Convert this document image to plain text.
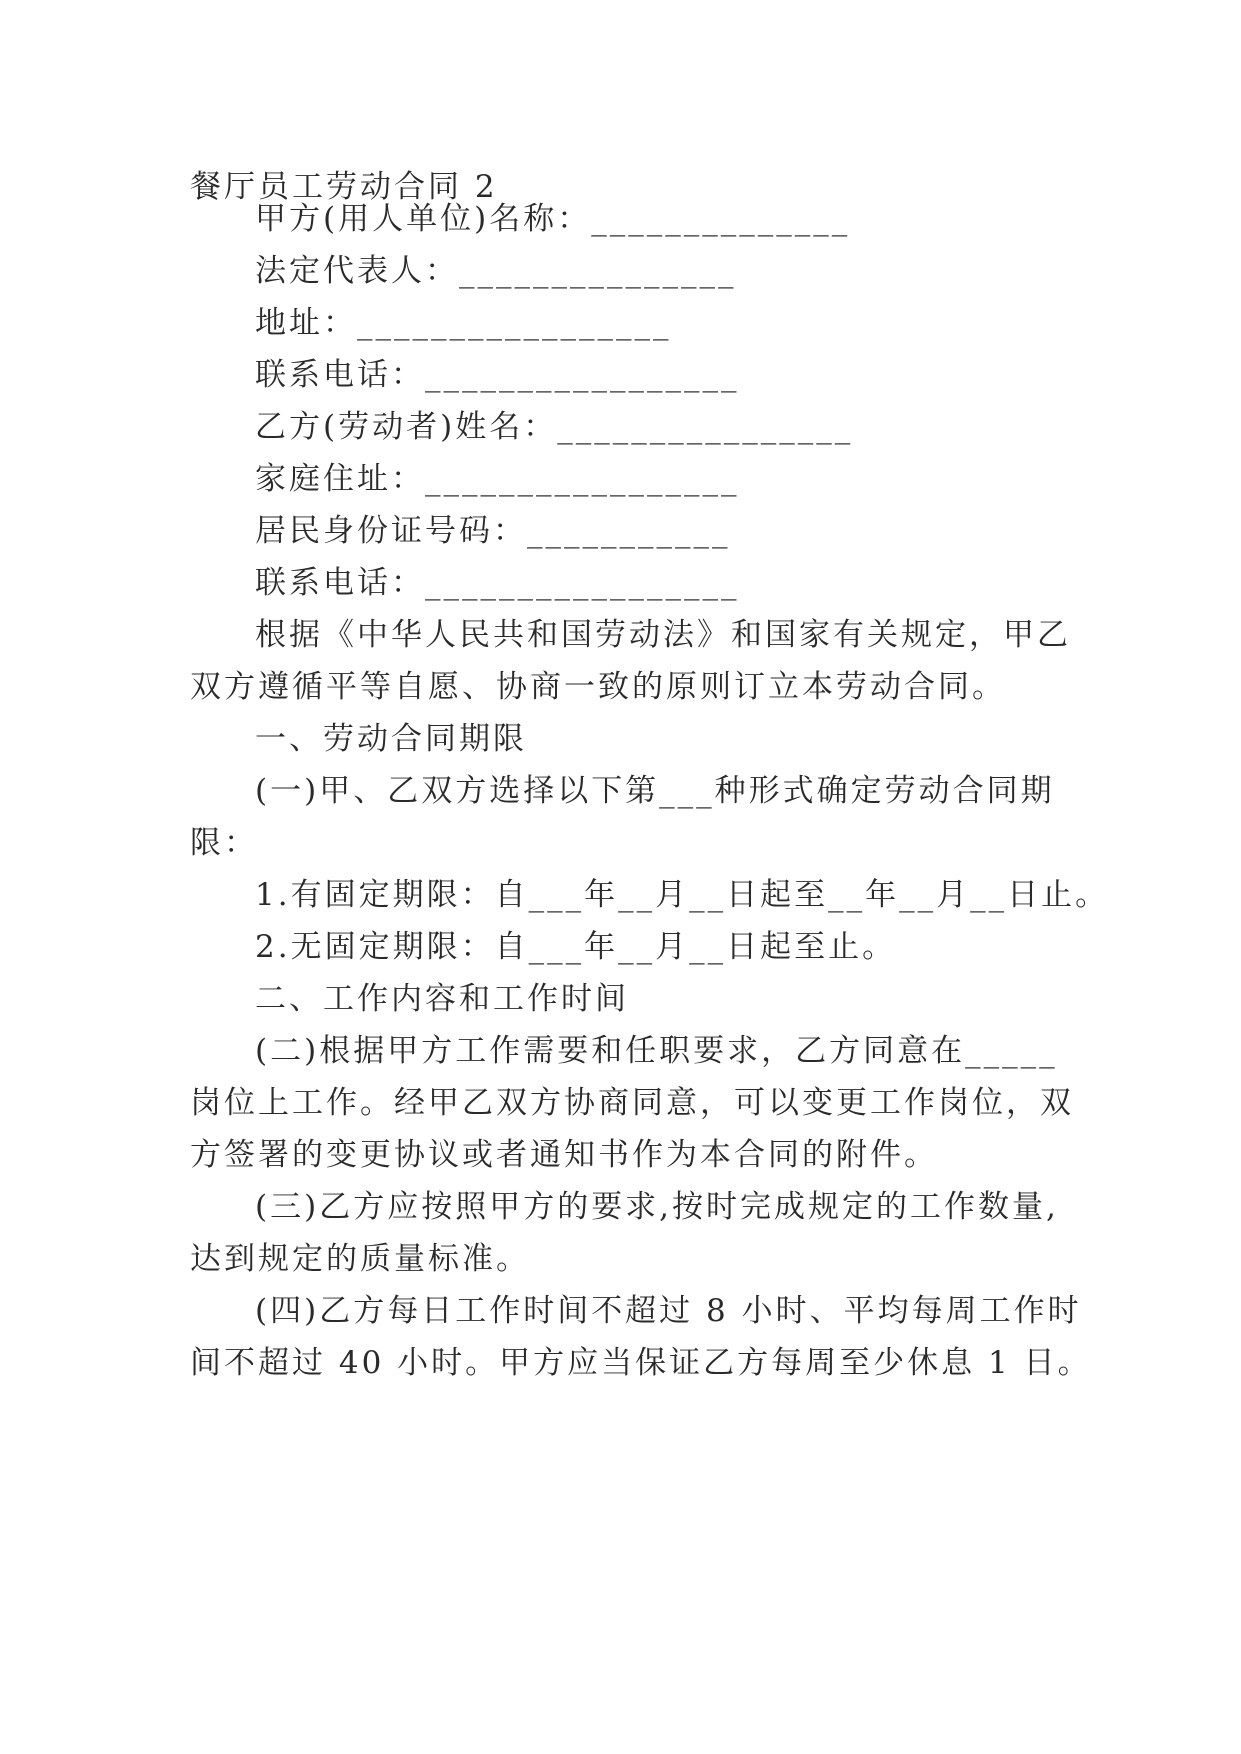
餐厅员工劳动合同 2
甲方(用人单位)名称：______________
法定代表人：_______________
地址：_________________
联系电话：_________________
乙方(劳动者)姓名：________________
家庭住址：_________________
居民身份证号码：___________
联系电话：_________________
根据《中华人民共和国劳动法》和国家有关规定，甲乙
双方遵循平等自愿、协商一致的原则订立本劳动合同。
一、劳动合同期限
(一)甲、乙双方选择以下第___种形式确定劳动合同期
限：
1.有固定期限：自___年__月__日起至__年__月__日止。
2.无固定期限：自___年__月__日起至止。
二、工作内容和工作时间
(二)根据甲方工作需要和任职要求，乙方同意在_____
岗位上工作。经甲乙双方协商同意，可以变更工作岗位，双
方签署的变更协议或者通知书作为本合同的附件。
(三)乙方应按照甲方的要求,按时完成规定的工作数量,
达到规定的质量标准。
(四)乙方每日工作时间不超过 8 小时、平均每周工作时
间不超过 40 小时。甲方应当保证乙方每周至少休息 1 日。
